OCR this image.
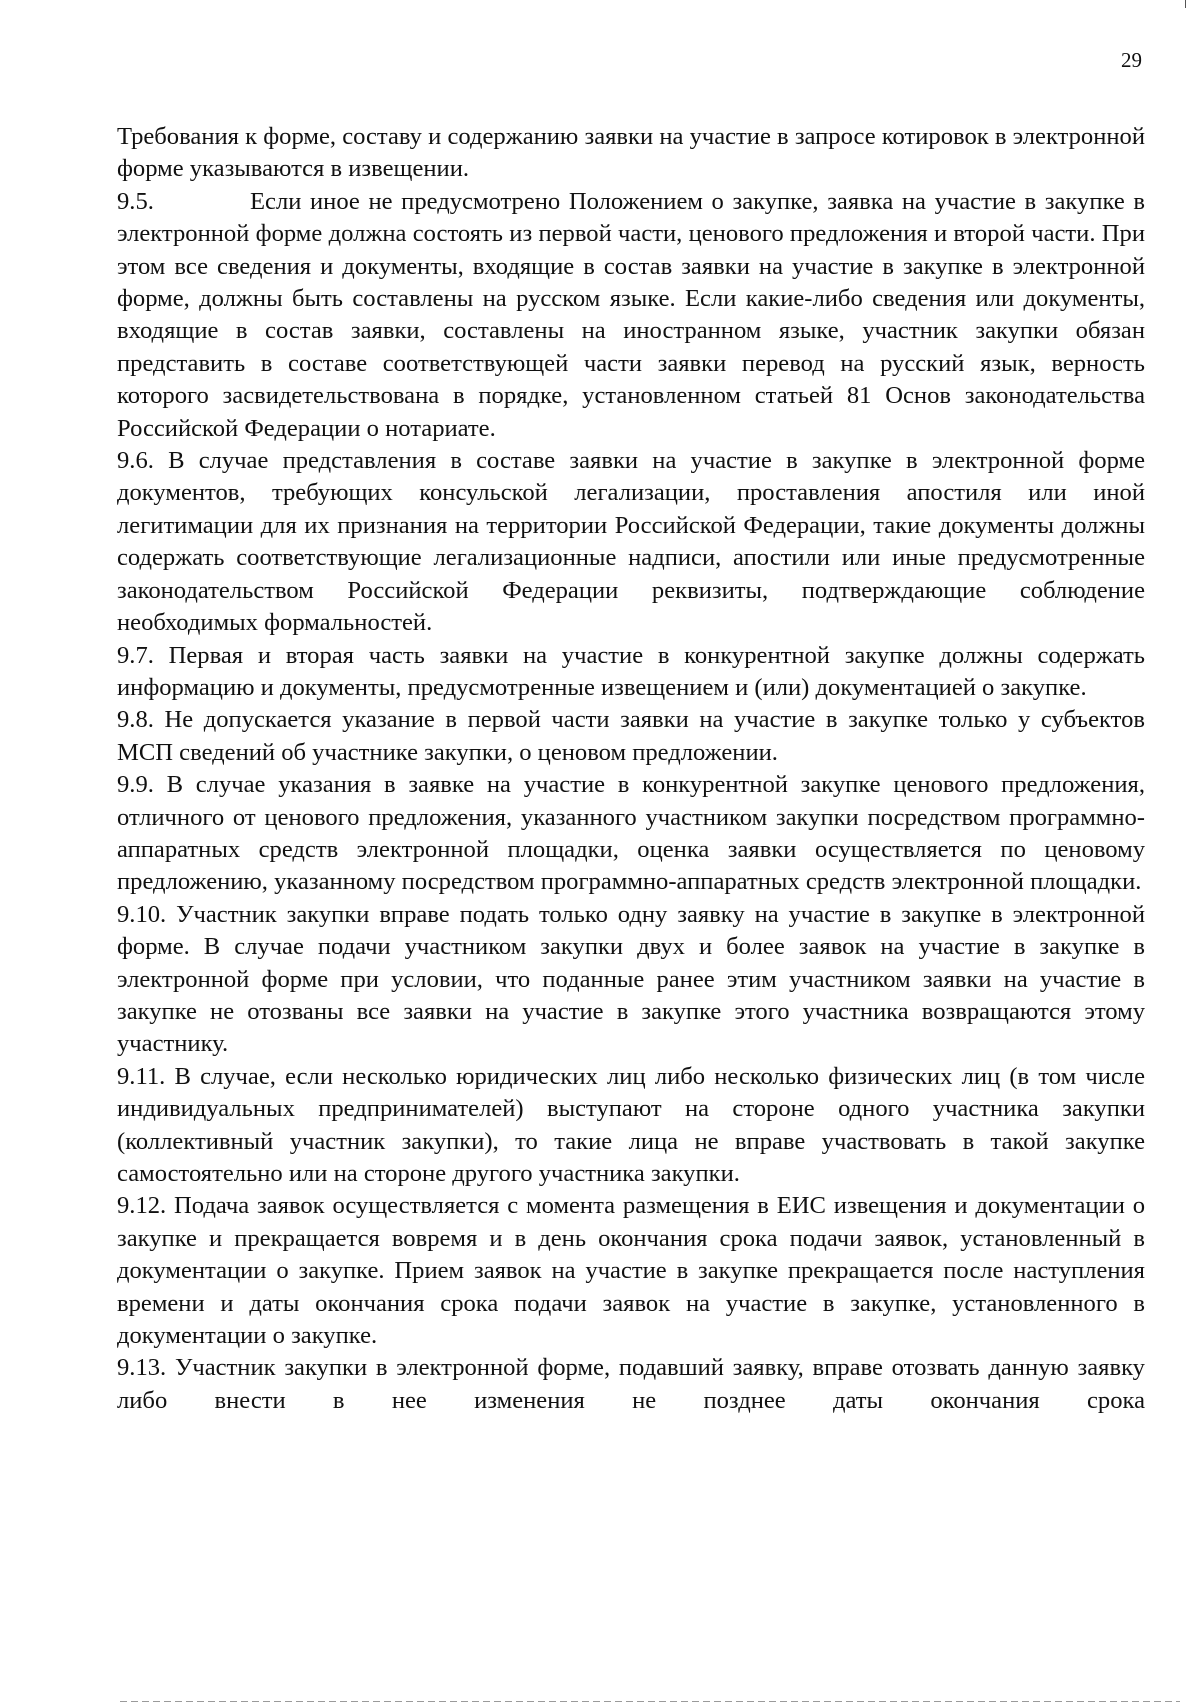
29

Требования к форме, составу и содержанию заявки на участие в запросе котировок в электронной форме указываются в извещении.

9.5.	Если иное не предусмотрено Положением о закупке, заявка на участие в закупке в электронной форме должна состоять из первой части, ценового предложения и второй части. При этом все сведения и документы, входящие в состав заявки на участие в закупке в электронной форме, должны быть составлены на русском языке. Если какие-либо сведения или документы, входящие в состав заявки, составлены на иностранном языке, участник закупки обязан представить в составе соответствующей части заявки перевод на русский язык, верность которого засвидетельствована в порядке, установленном статьей 81 Основ законодательства Российской Федерации о нотариате.

9.6. В случае представления в составе заявки на участие в закупке в электронной форме документов, требующих консульской легализации, проставления апостиля или иной легитимации для их признания на территории Российской Федерации, такие документы должны содержать соответствующие легализационные надписи, апостили или иные предусмотренные законодательством Российской Федерации реквизиты, подтверждающие соблюдение необходимых формальностей.

9.7. Первая и вторая часть заявки на участие в конкурентной закупке должны содержать информацию и документы, предусмотренные извещением и (или) документацией о закупке.

9.8. Не допускается указание в первой части заявки на участие в закупке только у субъектов МСП сведений об участнике закупки, о ценовом предложении.

9.9. В случае указания в заявке на участие в конкурентной закупке ценового предложения, отличного от ценового предложения, указанного участником закупки посредством программно-аппаратных средств электронной площадки, оценка заявки осуществляется по ценовому предложению, указанному посредством программно-аппаратных средств электронной площадки.

9.10. Участник закупки вправе подать только одну заявку на участие в закупке в электронной форме. В случае подачи участником закупки двух и более заявок на участие в закупке в электронной форме при условии, что поданные ранее этим участником заявки на участие в закупке не отозваны все заявки на участие в закупке этого участника возвращаются этому участнику.

9.11. В случае, если несколько юридических лиц либо несколько физических лиц (в том числе индивидуальных предпринимателей) выступают на стороне одного участника закупки (коллективный участник закупки), то такие лица не вправе участвовать в такой закупке самостоятельно или на стороне другого участника закупки.

9.12. Подача заявок осуществляется с момента размещения в ЕИС извещения и документации о закупке и прекращается вовремя и в день окончания срока подачи заявок, установленный в документации о закупке. Прием заявок на участие в закупке прекращается после наступления времени и даты окончания срока подачи заявок на участие в закупке, установленного в документации о закупке.

9.13. Участник закупки в электронной форме, подавший заявку, вправе отозвать данную заявку либо внести в нее изменения не позднее даты окончания срока
